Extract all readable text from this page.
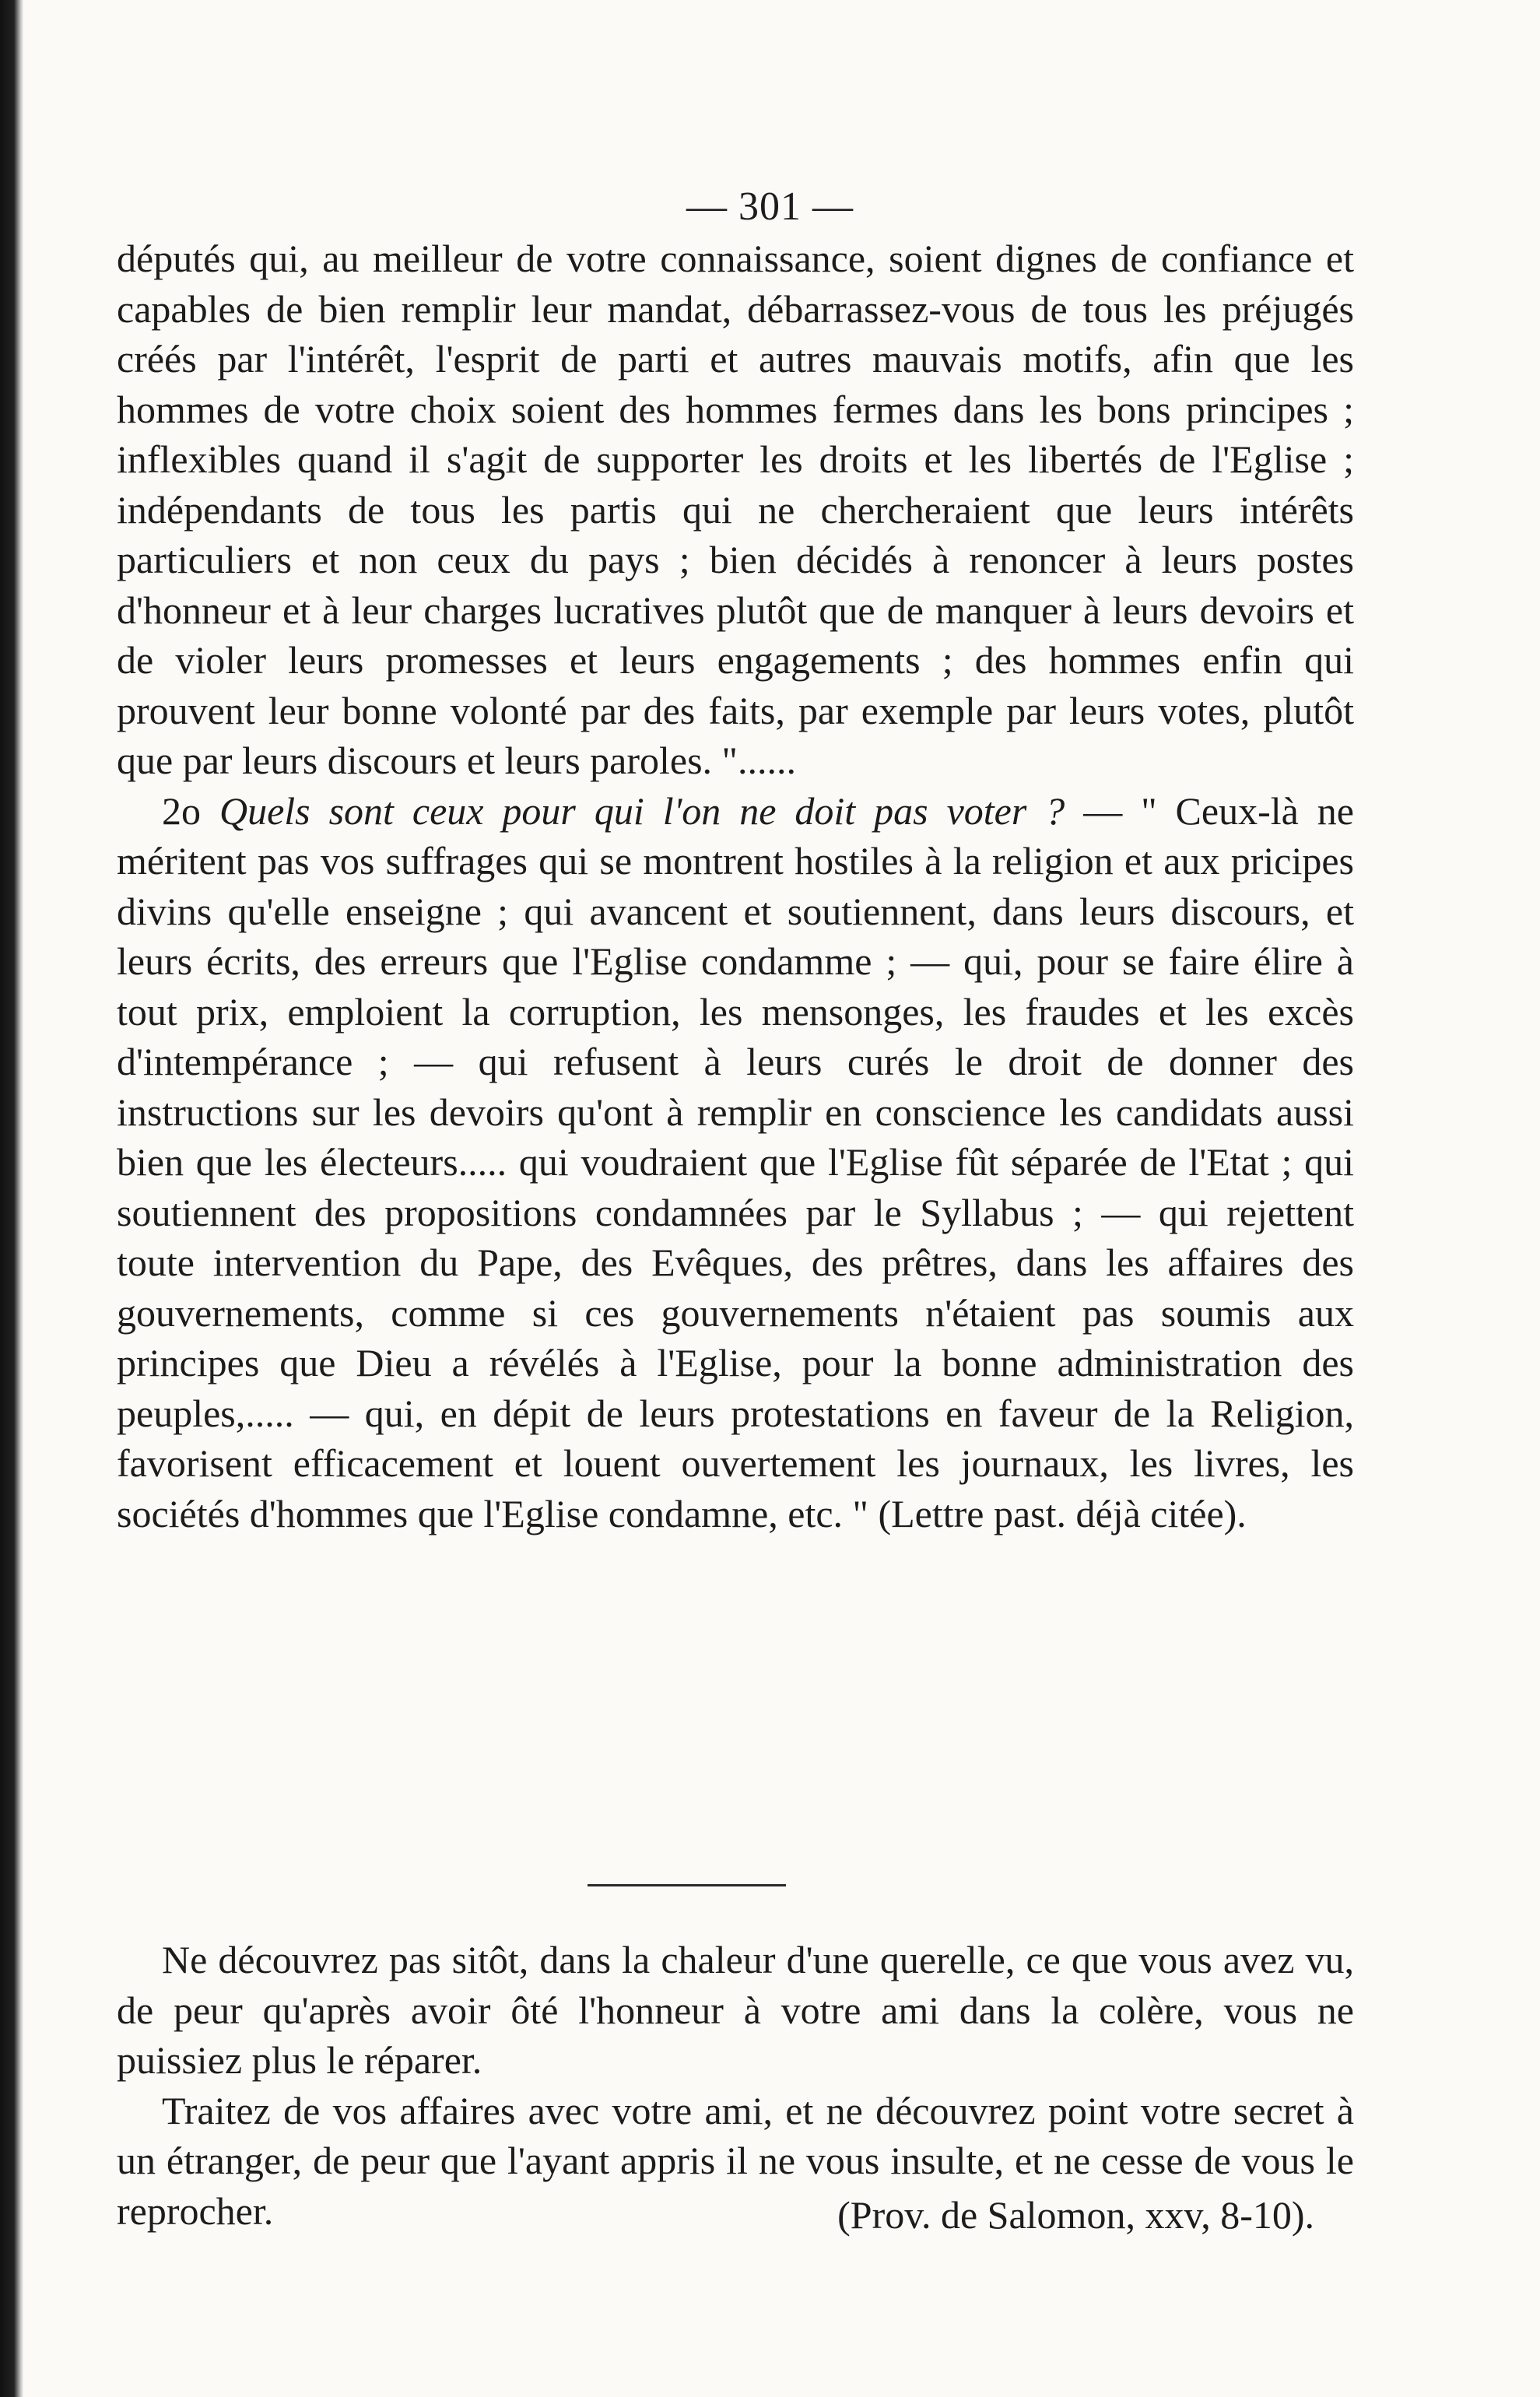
— 301 —

députés qui, au meilleur de votre connaissance, soient dignes de confiance et capables de bien remplir leur mandat, débarrassez-vous de tous les préjugés créés par l'intérêt, l'esprit de parti et autres mauvais motifs, afin que les hommes de votre choix soient des hommes fermes dans les bons principes ; inflexibles quand il s'agit de supporter les droits et les libertés de l'Eglise ; indépendants de tous les partis qui ne chercheraient que leurs intérêts particuliers et non ceux du pays ; bien décidés à renoncer à leurs postes d'honneur et à leur charges lucratives plutôt que de manquer à leurs devoirs et de violer leurs promesses et leurs engagements ; des hommes enfin qui prouvent leur bonne volonté par des faits, par exemple par leurs votes, plutôt que par leurs discours et leurs paroles. "......

2o Quels sont ceux pour qui l'on ne doit pas voter ? — " Ceux-là ne méritent pas vos suffrages qui se montrent hostiles à la religion et aux pricipes divins qu'elle enseigne ; qui avancent et soutiennent, dans leurs discours, et leurs écrits, des erreurs que l'Eglise condamme ; — qui, pour se faire élire à tout prix, emploient la corruption, les mensonges, les fraudes et les excès d'intempérance ; — qui refusent à leurs curés le droit de donner des instructions sur les devoirs qu'ont à remplir en conscience les candidats aussi bien que les électeurs..... qui voudraient que l'Eglise fût séparée de l'Etat ; qui soutiennent des propositions condamnées par le Syllabus ; — qui rejettent toute intervention du Pape, des Evêques, des prêtres, dans les affaires des gouvernements, comme si ces gouvernements n'étaient pas soumis aux principes que Dieu a révélés à l'Eglise, pour la bonne administration des peuples,..... — qui, en dépit de leurs protestations en faveur de la Religion, favorisent efficacement et louent ouvertement les journaux, les livres, les sociétés d'hommes que l'Eglise condamne, etc. " (Lettre past. déjà citée).

Ne découvrez pas sitôt, dans la chaleur d'une querelle, ce que vous avez vu, de peur qu'après avoir ôté l'honneur à votre ami dans la colère, vous ne puissiez plus le réparer.

Traitez de vos affaires avec votre ami, et ne découvrez point votre secret à un étranger, de peur que l'ayant appris il ne vous insulte, et ne cesse de vous le reprocher.	(Prov. de Salomon, xxv, 8-10).
